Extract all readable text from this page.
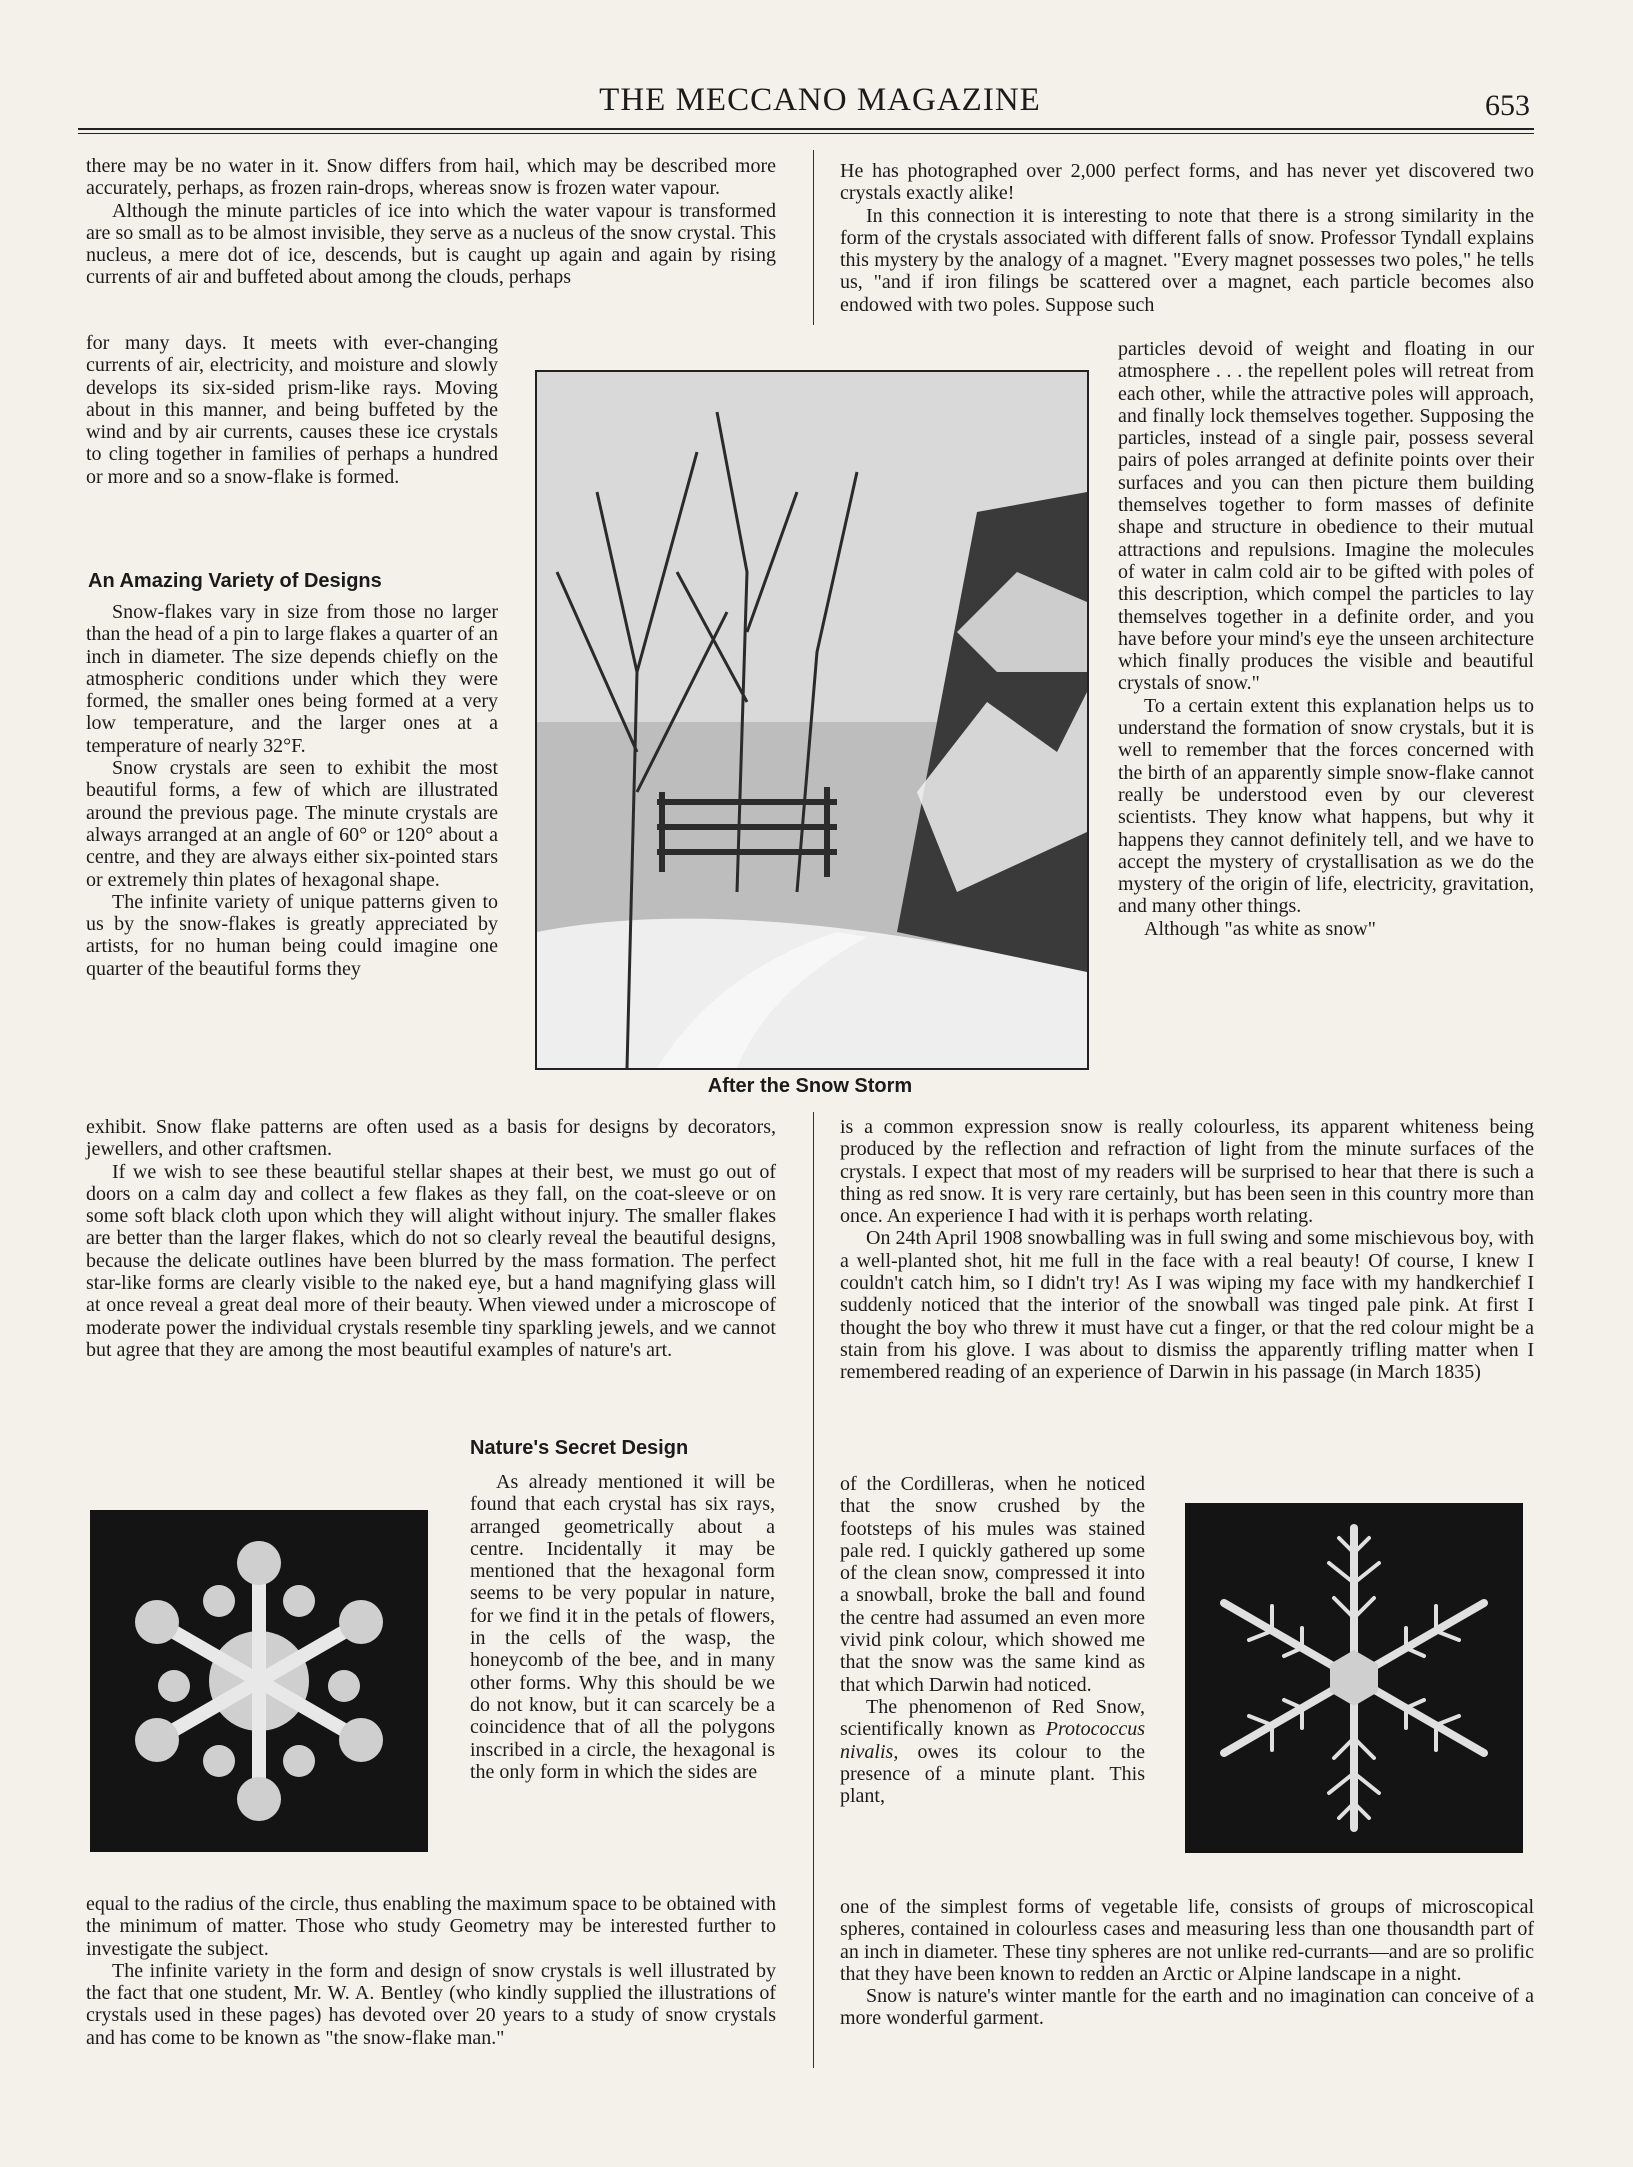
THE MECCANO MAGAZINE	653

there may be no water in it. Snow differs from hail, which may be described more accurately, perhaps, as frozen rain-drops, whereas snow is frozen water vapour.

Although the minute particles of ice into which the water vapour is transformed are so small as to be almost invisible, they serve as a nucleus of the snow crystal. This nucleus, a mere dot of ice, descends, but is caught up again and again by rising currents of air and buffeted about among the clouds, perhaps

for many days. It meets with ever-changing currents of air, electricity, and moisture and slowly develops its six-sided prism-like rays. Moving about in this manner, and being buffeted by the wind and by air currents, causes these ice crystals to cling together in families of perhaps a hundred or more and so a snow-flake is formed.

An Amazing Variety of Designs

Snow-flakes vary in size from those no larger than the head of a pin to large flakes a quarter of an inch in diameter. The size depends chiefly on the atmospheric conditions under which they were formed, the smaller ones being formed at a very low temperature, and the larger ones at a temperature of nearly 32°F.

Snow crystals are seen to exhibit the most beautiful forms, a few of which are illustrated around the previous page. The minute crystals are always arranged at an angle of 60° or 120° about a centre, and they are always either six-pointed stars or extremely thin plates of hexagonal shape.

The infinite variety of unique patterns given to us by the snow-flakes is greatly appreciated by artists, for no human being could imagine one quarter of the beautiful forms they

exhibit. Snow flake patterns are often used as a basis for designs by decorators, jewellers, and other craftsmen.

If we wish to see these beautiful stellar shapes at their best, we must go out of doors on a calm day and collect a few flakes as they fall, on the coat-sleeve or on some soft black cloth upon which they will alight without injury. The smaller flakes are better than the larger flakes, which do not so clearly reveal the beautiful designs, because the delicate outlines have been blurred by the mass formation. The perfect star-like forms are clearly visible to the naked eye, but a hand magnifying glass will at once reveal a great deal more of their beauty. When viewed under a microscope of moderate power the individual crystals resemble tiny sparkling jewels, and we cannot but agree that they are among the most beautiful examples of nature's art.

Nature's Secret Design

As already mentioned it will be found that each crystal has six rays, arranged geometrically about a centre. Incidentally it may be mentioned that the hexagonal form seems to be very popular in nature, for we find it in the petals of flowers, in the cells of the wasp, the honeycomb of the bee, and in many other forms. Why this should be we do not know, but it can scarcely be a coincidence that of all the polygons inscribed in a circle, the hexagonal is the only form in which the sides are

equal to the radius of the circle, thus enabling the maximum space to be obtained with the minimum of matter. Those who study Geometry may be interested further to investigate the subject.

The infinite variety in the form and design of snow crystals is well illustrated by the fact that one student, Mr. W. A. Bentley (who kindly supplied the illustrations of crystals used in these pages) has devoted over 20 years to a study of snow crystals and has come to be known as "the snow-flake man."

After the Snow Storm

He has photographed over 2,000 perfect forms, and has never yet discovered two crystals exactly alike!

In this connection it is interesting to note that there is a strong similarity in the form of the crystals associated with different falls of snow. Professor Tyndall explains this mystery by the analogy of a magnet. "Every magnet possesses two poles," he tells us, "and if iron filings be scattered over a magnet, each particle becomes also endowed with two poles. Suppose such

particles devoid of weight and floating in our atmosphere . . . the repellent poles will retreat from each other, while the attractive poles will approach, and finally lock themselves together. Supposing the particles, instead of a single pair, possess several pairs of poles arranged at definite points over their surfaces and you can then picture them building themselves together to form masses of definite shape and structure in obedience to their mutual attractions and repulsions. Imagine the molecules of water in calm cold air to be gifted with poles of this description, which compel the particles to lay themselves together in a definite order, and you have before your mind's eye the unseen architecture which finally produces the visible and beautiful crystals of snow."

To a certain extent this explanation helps us to understand the formation of snow crystals, but it is well to remember that the forces concerned with the birth of an apparently simple snow-flake cannot really be understood even by our cleverest scientists. They know what happens, but why it happens they cannot definitely tell, and we have to accept the mystery of crystallisation as we do the mystery of the origin of life, electricity, gravitation, and many other things.

Although "as white as snow"

is a common expression snow is really colourless, its apparent whiteness being produced by the reflection and refraction of light from the minute surfaces of the crystals. I expect that most of my readers will be surprised to hear that there is such a thing as red snow. It is very rare certainly, but has been seen in this country more than once. An experience I had with it is perhaps worth relating.

On 24th April 1908 snowballing was in full swing and some mischievous boy, with a well-planted shot, hit me full in the face with a real beauty! Of course, I knew I couldn't catch him, so I didn't try! As I was wiping my face with my handkerchief I suddenly noticed that the interior of the snowball was tinged pale pink. At first I thought the boy who threw it must have cut a finger, or that the red colour might be a stain from his glove. I was about to dismiss the apparently trifling matter when I remembered reading of an experience of Darwin in his passage (in March 1835)

of the Cordilleras, when he noticed that the snow crushed by the footsteps of his mules was stained pale red. I quickly gathered up some of the clean snow, compressed it into a snowball, broke the ball and found the centre had assumed an even more vivid pink colour, which showed me that the snow was the same kind as that which Darwin had noticed.

The phenomenon of Red Snow, scientifically known as Protococcus nivalis, owes its colour to the presence of a minute plant. This plant,

one of the simplest forms of vegetable life, consists of groups of microscopical spheres, contained in colourless cases and measuring less than one thousandth part of an inch in diameter. These tiny spheres are not unlike red-currants—and are so prolific that they have been known to redden an Arctic or Alpine landscape in a night.

Snow is nature's winter mantle for the earth and no imagination can conceive of a more wonderful garment.
